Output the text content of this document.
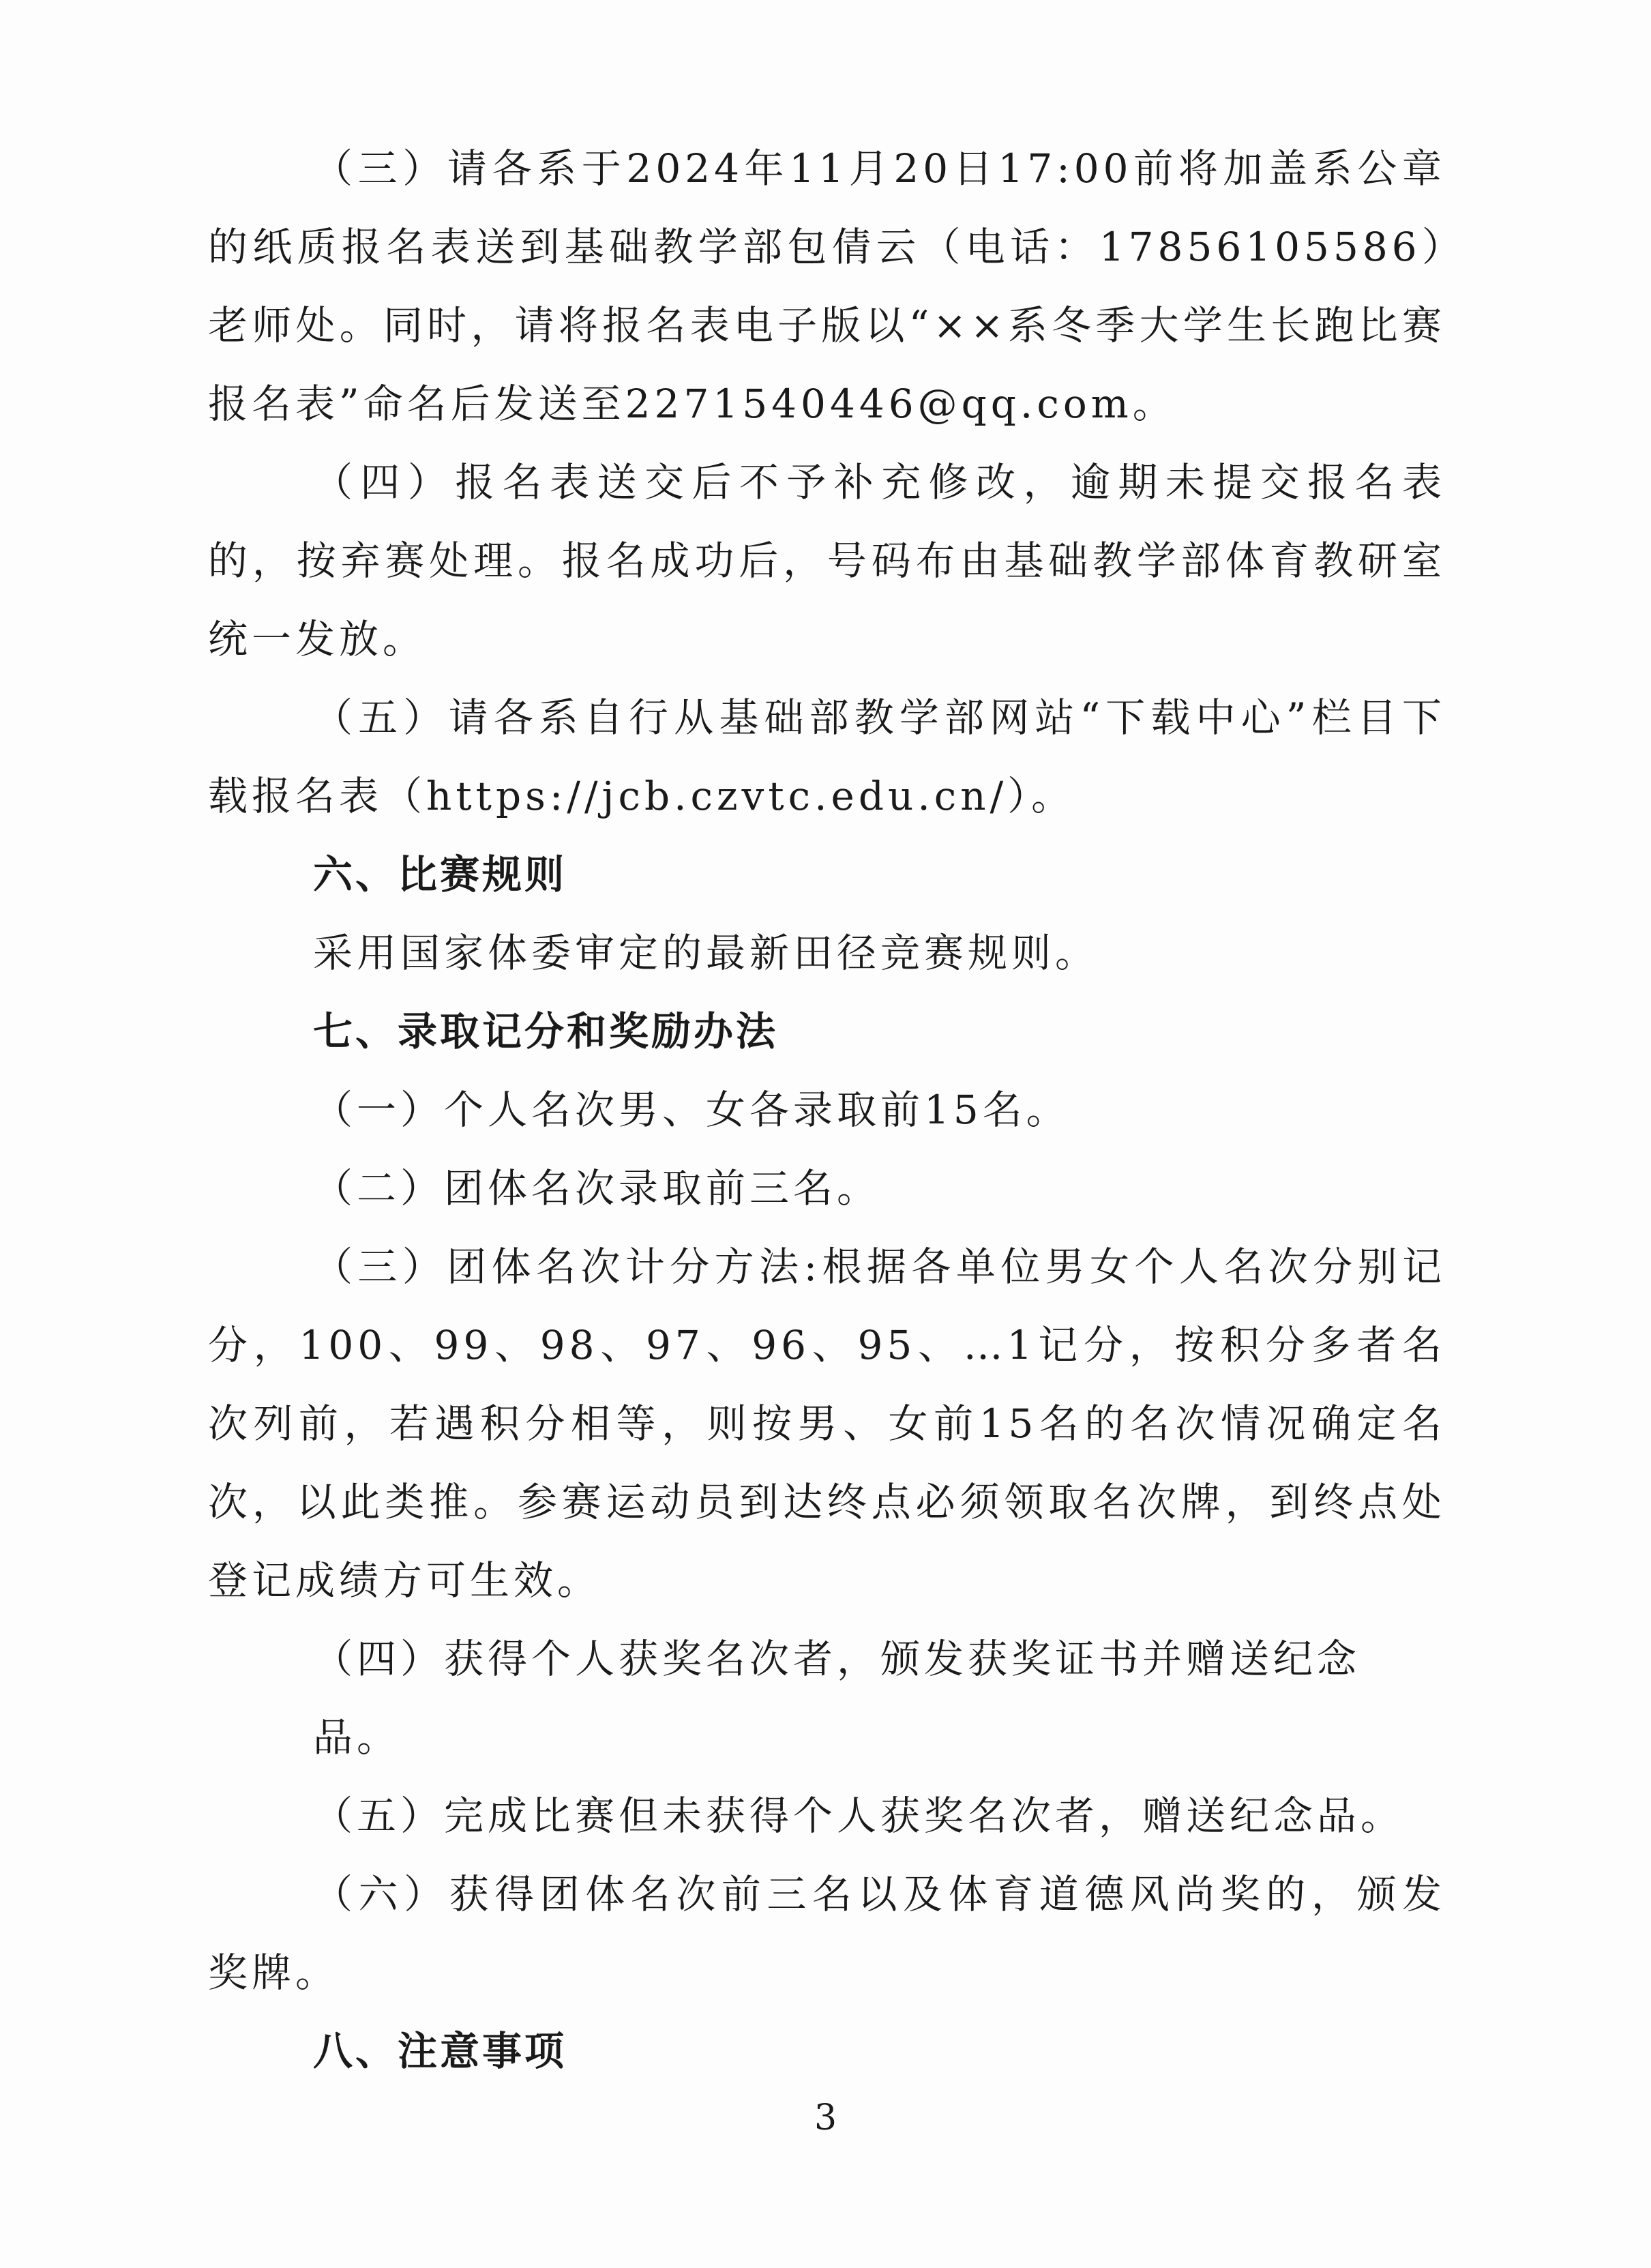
（三）请各系于2024年11月20日17:00前将加盖系公章的纸质报名表送到基础教学部包倩云（电话：17856105586）老师处。同时，请将报名表电子版以“××系冬季大学生长跑比赛报名表”命名后发送至2271540446@qq.com。

（四）报名表送交后不予补充修改，逾期未提交报名表的，按弃赛处理。报名成功后，号码布由基础教学部体育教研室统一发放。

（五）请各系自行从基础部教学部网站“下载中心”栏目下载报名表（https://jcb.czvtc.edu.cn/）。

六、比赛规则

采用国家体委审定的最新田径竞赛规则。

七、录取记分和奖励办法

（一）个人名次男、女各录取前15名。

（二）团体名次录取前三名。

（三）团体名次计分方法:根据各单位男女个人名次分别记分，100、99、98、97、96、95、…1记分，按积分多者名次列前，若遇积分相等，则按男、女前15名的名次情况确定名次，以此类推。参赛运动员到达终点必须领取名次牌，到终点处登记成绩方可生效。

（四）获得个人获奖名次者，颁发获奖证书并赠送纪念品。

（五）完成比赛但未获得个人获奖名次者，赠送纪念品。

（六）获得团体名次前三名以及体育道德风尚奖的，颁发奖牌。

八、注意事项

3
